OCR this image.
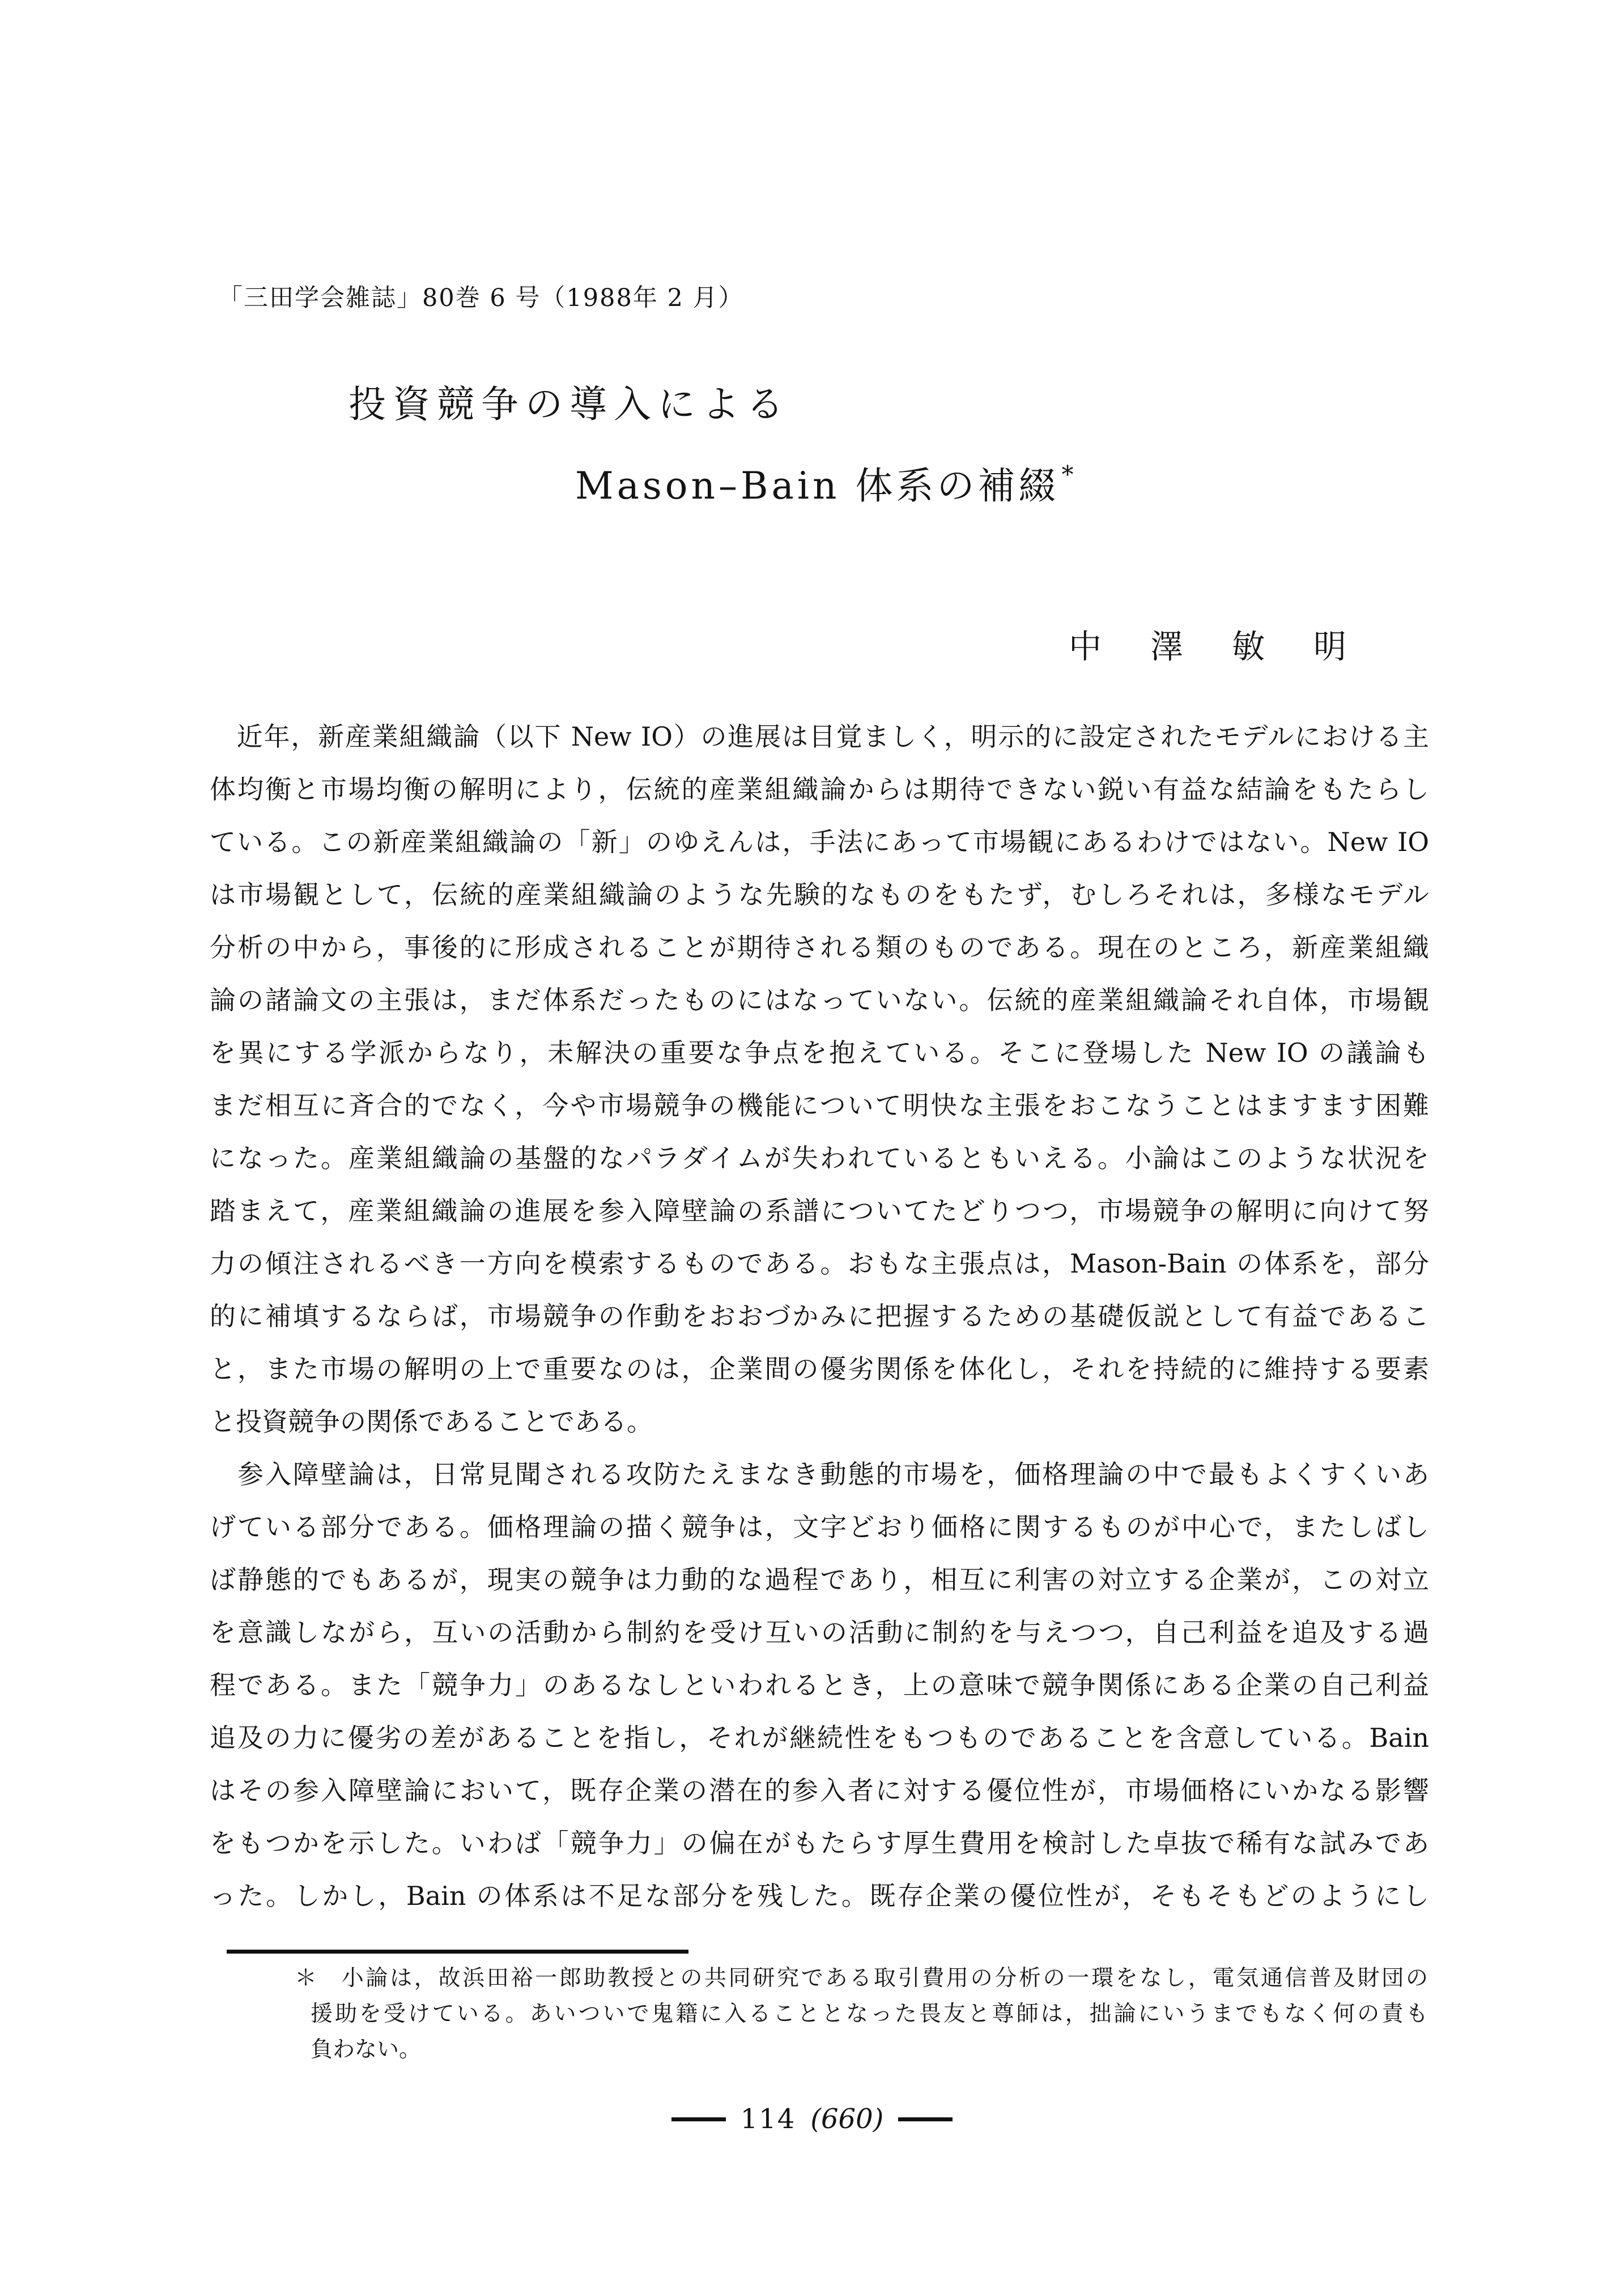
「三田学会雑誌」80巻 6 号（1988年 2 月）
投資競争の導入による
Mason–Bain 体系の補綴*
中　澤　敏　明
　近年，新産業組織論（以下 New IO）の進展は目覚ましく，明示的に設定されたモデルにおける主
体均衡と市場均衡の解明により，伝統的産業組織論からは期待できない鋭い有益な結論をもたらし
ている。この新産業組織論の「新」のゆえんは，手法にあって市場観にあるわけではない。New IO
は市場観として，伝統的産業組織論のような先験的なものをもたず，むしろそれは，多様なモデル
分析の中から，事後的に形成されることが期待される類のものである。現在のところ，新産業組織
論の諸論文の主張は，まだ体系だったものにはなっていない。伝統的産業組織論それ自体，市場観
を異にする学派からなり，未解決の重要な争点を抱えている。そこに登場した New IO の議論も
まだ相互に斉合的でなく，今や市場競争の機能について明快な主張をおこなうことはますます困難
になった。産業組織論の基盤的なパラダイムが失われているともいえる。小論はこのような状況を
踏まえて，産業組織論の進展を参入障壁論の系譜についてたどりつつ，市場競争の解明に向けて努
力の傾注されるべき一方向を模索するものである。おもな主張点は，Mason-Bain の体系を，部分
的に補填するならば，市場競争の作動をおおづかみに把握するための基礎仮説として有益であるこ
と，また市場の解明の上で重要なのは，企業間の優劣関係を体化し，それを持続的に維持する要素
と投資競争の関係であることである。
　参入障壁論は，日常見聞される攻防たえまなき動態的市場を，価格理論の中で最もよくすくいあ
げている部分である。価格理論の描く競争は，文字どおり価格に関するものが中心で，またしばし
ば静態的でもあるが，現実の競争は力動的な過程であり，相互に利害の対立する企業が，この対立
を意識しながら，互いの活動から制約を受け互いの活動に制約を与えつつ，自己利益を追及する過
程である。また「競争力」のあるなしといわれるとき，上の意味で競争関係にある企業の自己利益
追及の力に優劣の差があることを指し，それが継続性をもつものであることを含意している。Bain
はその参入障壁論において，既存企業の潜在的参入者に対する優位性が，市場価格にいかなる影響
をもつかを示した。いわば「競争力」の偏在がもたらす厚生費用を検討した卓抜で稀有な試みであ
った。しかし，Bain の体系は不足な部分を残した。既存企業の優位性が，そもそもどのようにし
＊ 小論は，故浜田裕一郎助教授との共同研究である取引費用の分析の一環をなし，電気通信普及財団の
援助を受けている。あいついで鬼籍に入ることとなった畏友と尊師は，拙論にいうまでもなく何の責も
負わない。
114 (660)
